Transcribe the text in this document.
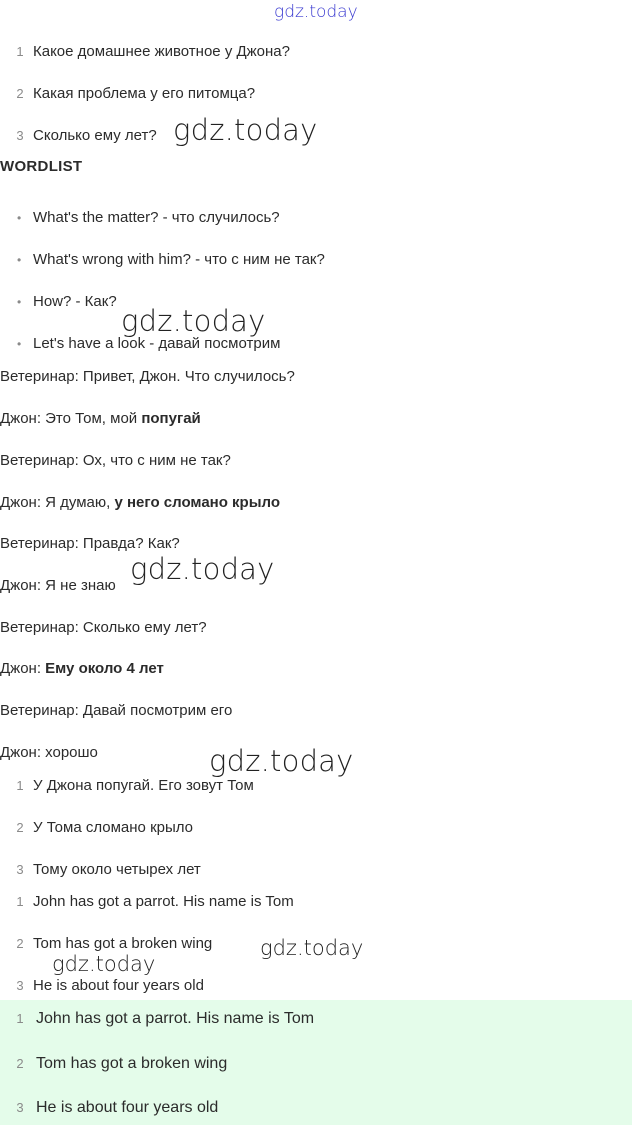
gdz.today
gdz.today
gdz.today
gdz.today
gdz.today
gdz.today
gdz.today
1 Какое домашнее животное у Джона?
2 Какая проблема у его питомца?
3 Сколько ему лет?
WORDLIST
• What's the matter? - что случилось?
• What's wrong with him? - что с ним не так?
• How? - Как?
• Let's have a look - давай посмотрим
Ветеринар: Привет, Джон. Что случилось?
Джон: Это Том, мой попугай
Ветеринар: Ох, что с ним не так?
Джон: Я думаю, у него сломано крыло
Ветеринар: Правда? Как?
Джон: Я не знаю
Ветеринар: Сколько ему лет?
Джон: Ему около 4 лет
Ветеринар: Давай посмотрим его
Джон: хорошо
1 У Джона попугай. Его зовут Том
2 У Тома сломано крыло
3 Тому около четырех лет
1 John has got a parrot. His name is Tom
2 Tom has got a broken wing
3 He is about four years old
1 John has got a parrot. His name is Tom
2 Tom has got a broken wing
3 He is about four years old
